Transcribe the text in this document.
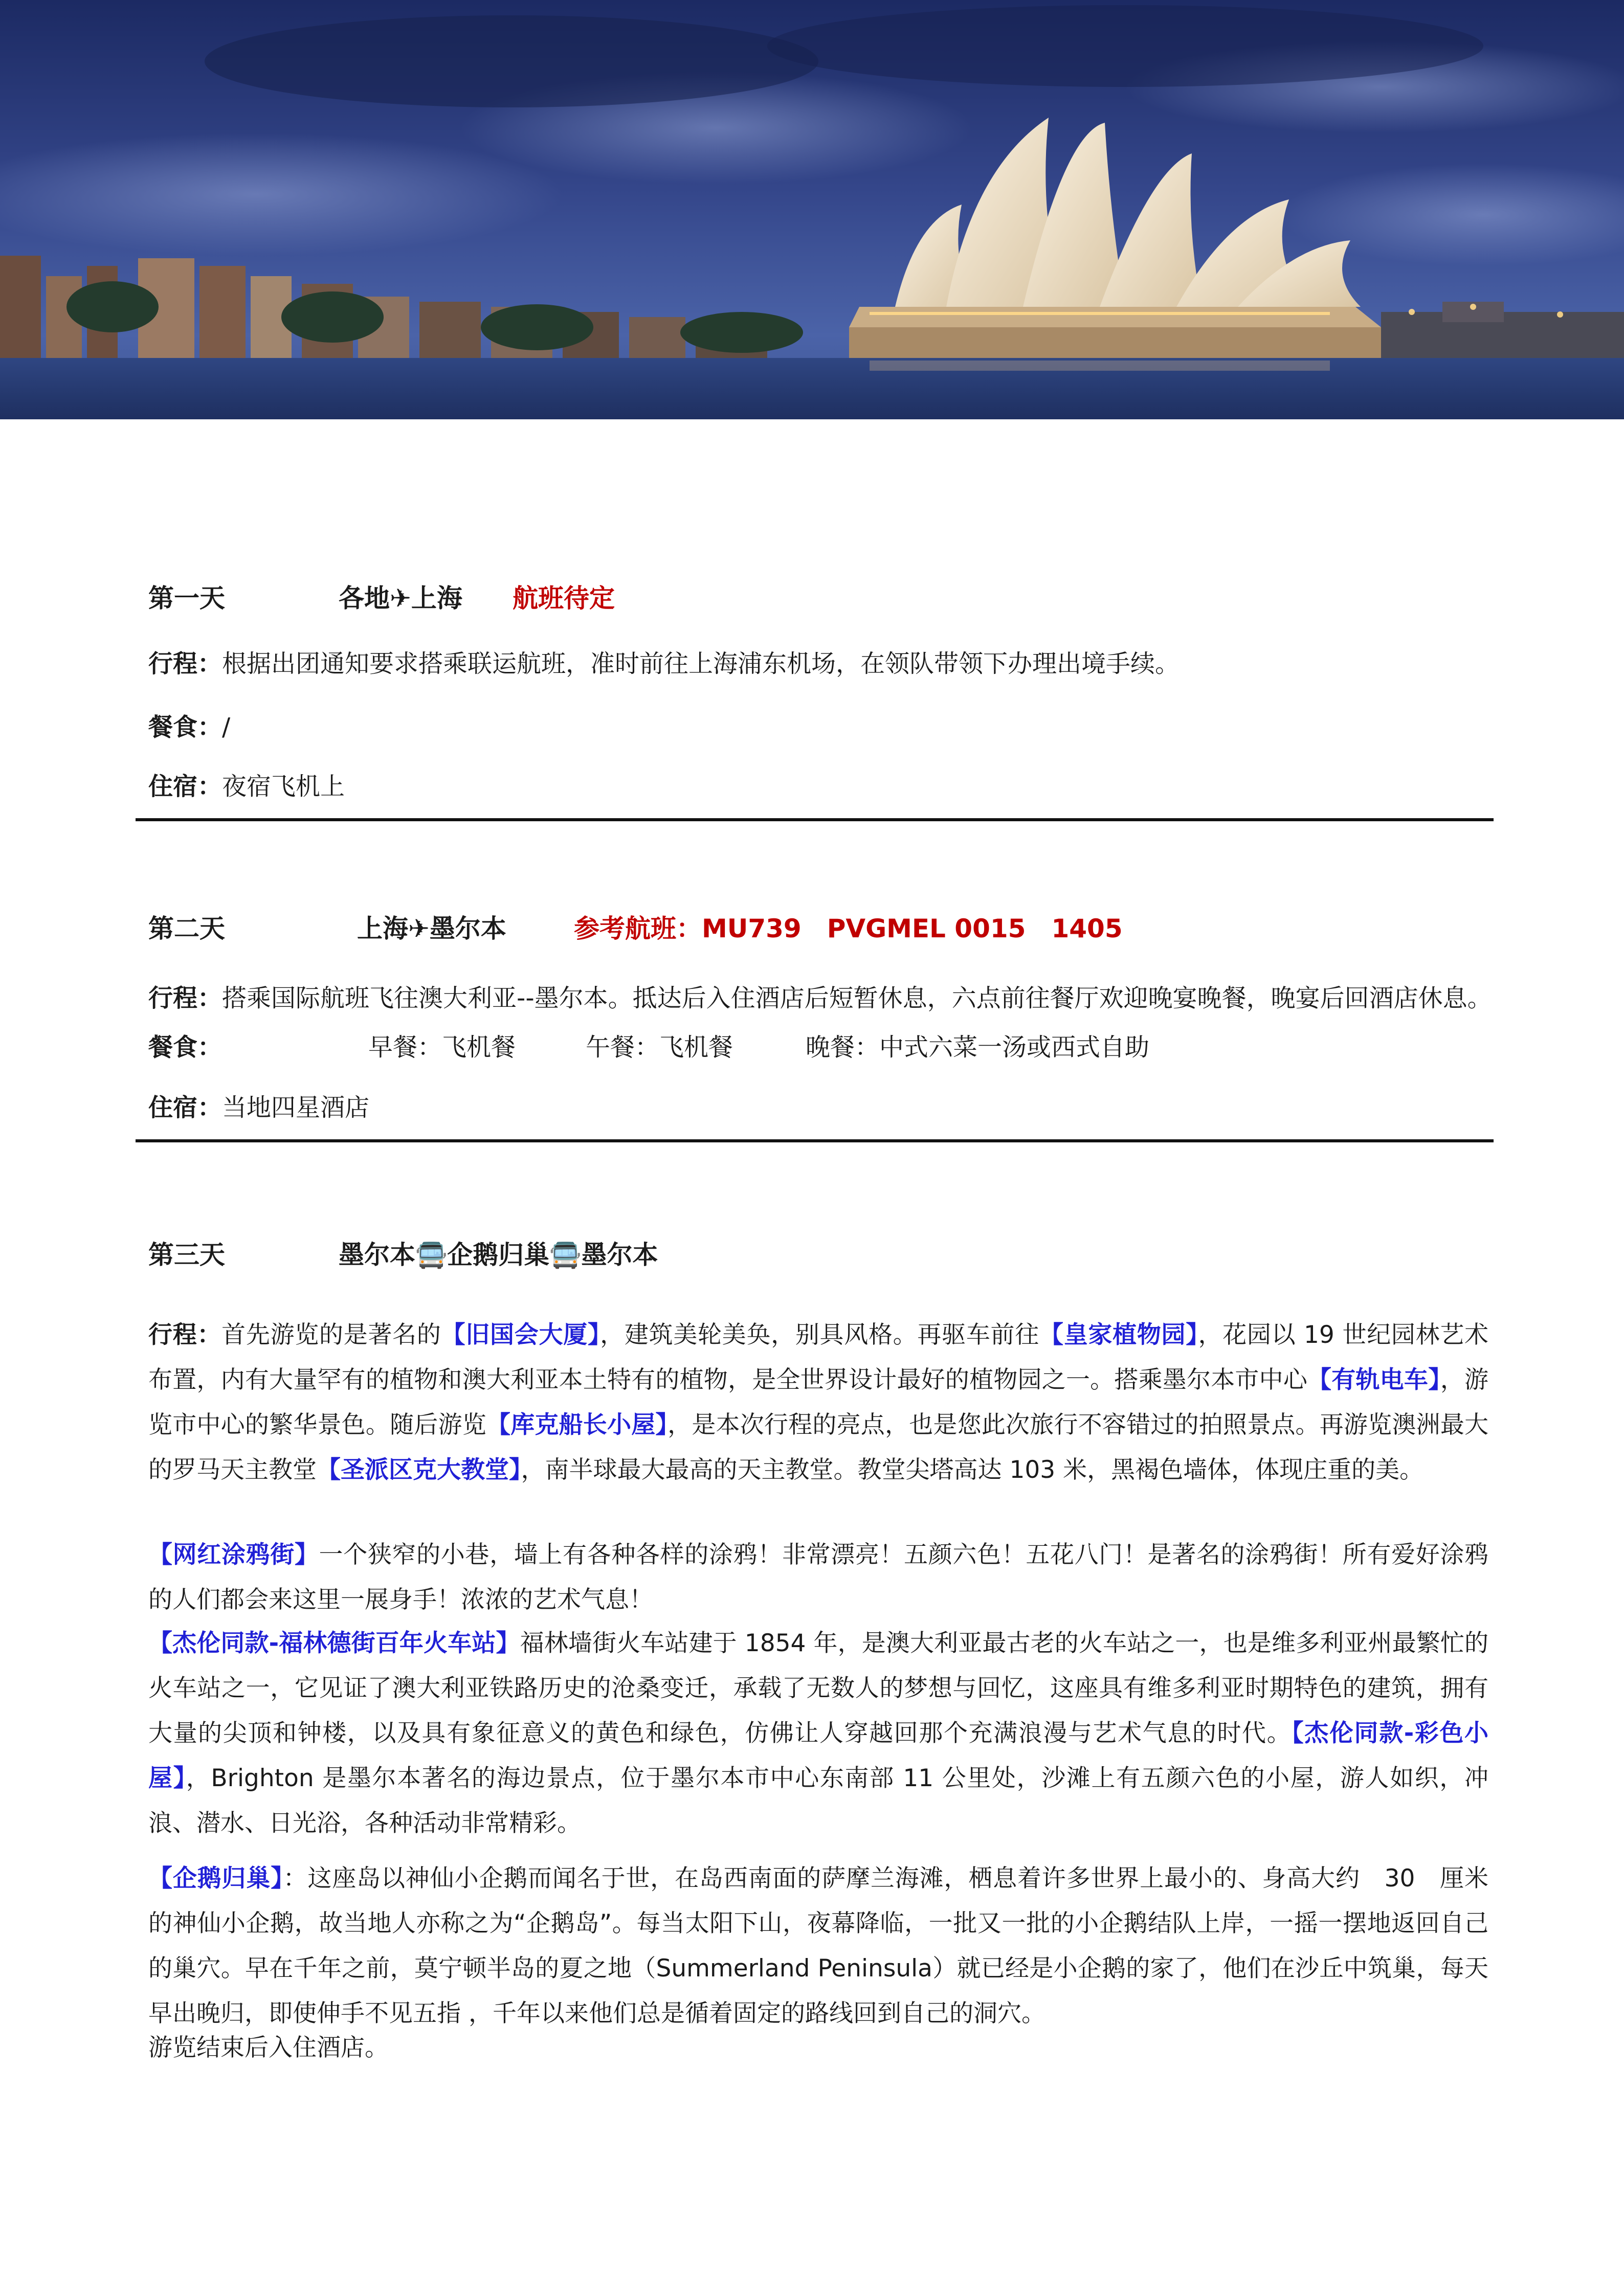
第一天	各地✈上海 航班待定
行程：根据出团通知要求搭乘联运航班，准时前往上海浦东机场，在领队带领下办理出境手续。
餐食：/
住宿：夜宿飞机上
第二天	上海✈墨尔本	参考航班：MU739　PVGMEL 0015　1405
行程：搭乘国际航班飞往澳大利亚--墨尔本。抵达后入住酒店后短暂休息，六点前往餐厅欢迎晚宴晚餐，晚宴后回酒店休息。
餐食：	早餐：飞机餐	午餐：飞机餐	晚餐：中式六菜一汤或西式自助
住宿：当地四星酒店
第三天	墨尔本🚍企鹅归巢🚍墨尔本
行程：首先游览的是著名的【旧国会大厦】，建筑美轮美奂，别具风格。再驱车前往【皇家植物园】，花园以 19 世纪园林艺术布置，内有大量罕有的植物和澳大利亚本土特有的植物，是全世界设计最好的植物园之一。搭乘墨尔本市中心【有轨电车】，游览市中心的繁华景色。随后游览【库克船长小屋】，是本次行程的亮点，也是您此次旅行不容错过的拍照景点。再游览澳洲最大的罗马天主教堂【圣派区克大教堂】，南半球最大最高的天主教堂。教堂尖塔高达 103 米，黑褐色墙体，体现庄重的美。
【网红涂鸦街】一个狭窄的小巷，墙上有各种各样的涂鸦！非常漂亮！五颜六色！五花八门！是著名的涂鸦街！所有爱好涂鸦的人们都会来这里一展身手！浓浓的艺术气息！
【杰伦同款-福林德街百年火车站】福林墙街火车站建于 1854 年，是澳大利亚最古老的火车站之一，也是维多利亚州最繁忙的火车站之一，它见证了澳大利亚铁路历史的沧桑变迁，承载了无数人的梦想与回忆，这座具有维多利亚时期特色的建筑，拥有大量的尖顶和钟楼，以及具有象征意义的黄色和绿色，仿佛让人穿越回那个充满浪漫与艺术气息的时代。【杰伦同款-彩色小屋】，Brighton 是墨尔本著名的海边景点，位于墨尔本市中心东南部 11 公里处，沙滩上有五颜六色的小屋，游人如织，冲浪、潜水、日光浴，各种活动非常精彩。
【企鹅归巢】：这座岛以神仙小企鹅而闻名于世，在岛西南面的萨摩兰海滩，栖息着许多世界上最小的、身高大约　30　厘米的神仙小企鹅，故当地人亦称之为“企鹅岛”。每当太阳下山，夜幕降临，一批又一批的小企鹅结队上岸，一摇一摆地返回自己的巢穴。早在千年之前，莫宁顿半岛的夏之地（Summerland Peninsula）就已经是小企鹅的家了，他们在沙丘中筑巢，每天早出晚归，即使伸手不见五指 ，千年以来他们总是循着固定的路线回到自己的洞穴。
游览结束后入住酒店。
